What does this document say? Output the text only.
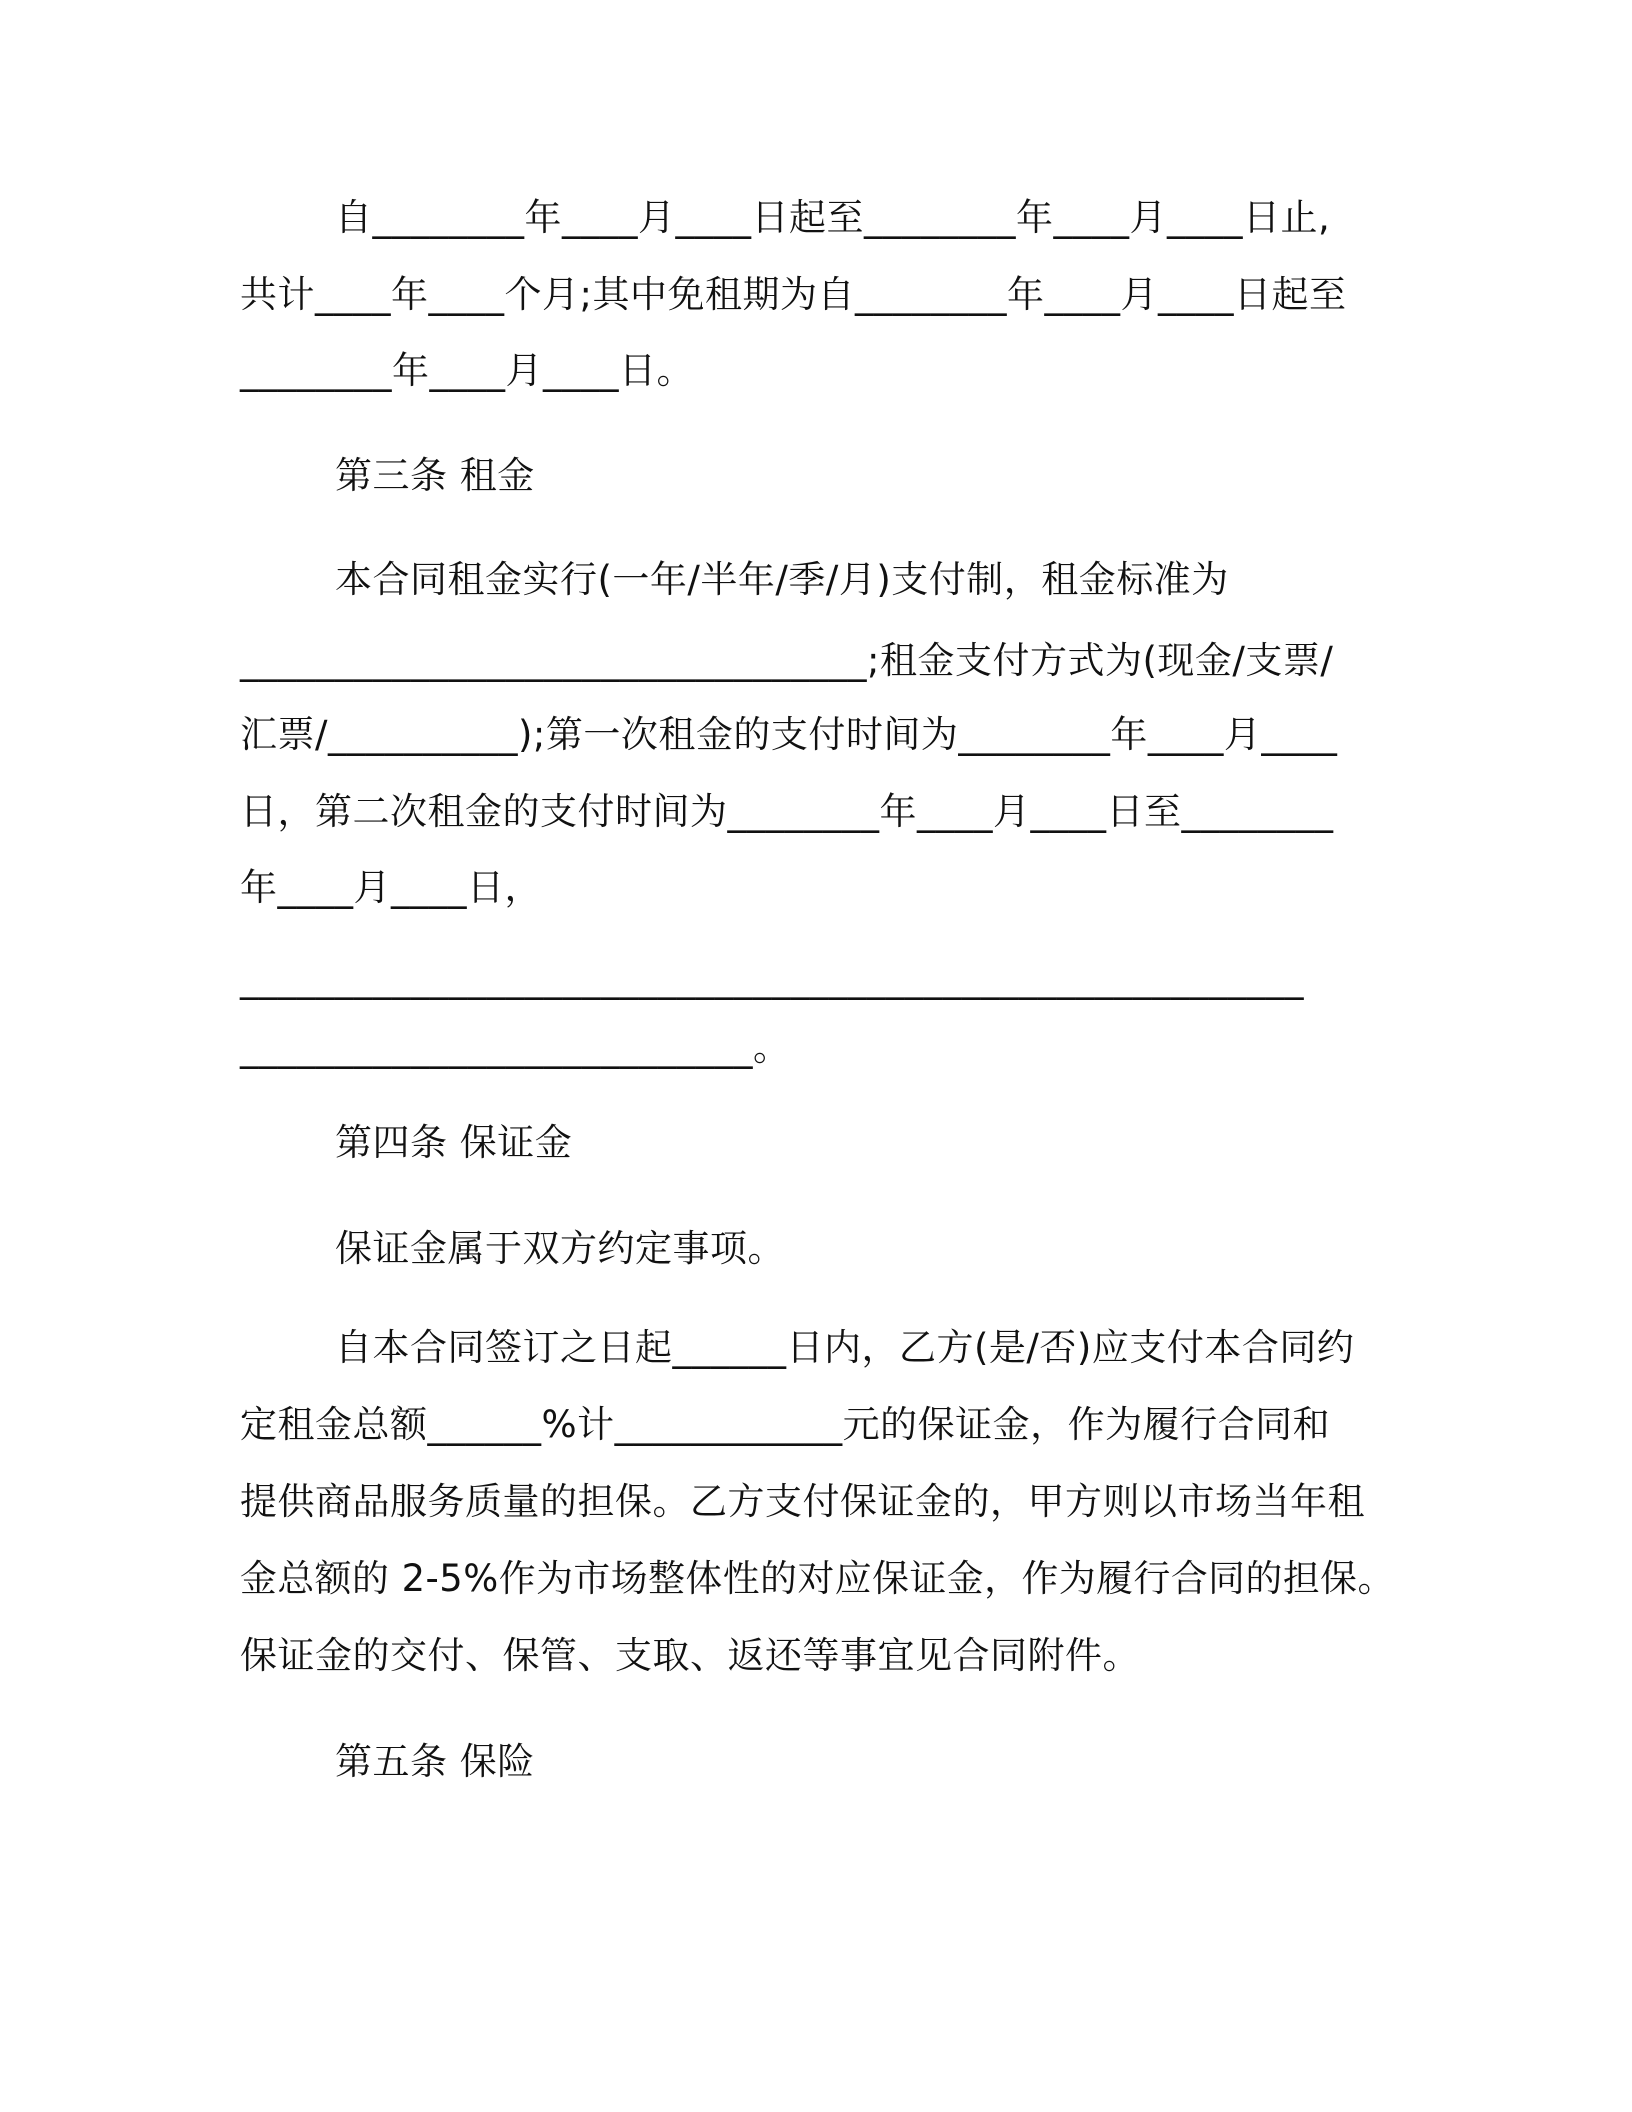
自________年____月____日起至________年____月____日止,

共计____年____个月;其中免租期为自________年____月____日起至

________年____月____日。

第三条 租金

本合同租金实行(一年/半年/季/月)支付制，租金标准为

_________________________________;租金支付方式为(现金/支票/

汇票/__________);第一次租金的支付时间为________年____月____

日，第二次租金的支付时间为________年____月____日至________

年____月____日，

________________________________________________________

___________________________。

第四条 保证金

保证金属于双方约定事项。

自本合同签订之日起______日内，乙方(是/否)应支付本合同约

定租金总额______%计____________元的保证金，作为履行合同和

提供商品服务质量的担保。乙方支付保证金的，甲方则以市场当年租

金总额的 2-5%作为市场整体性的对应保证金，作为履行合同的担保。

保证金的交付、保管、支取、返还等事宜见合同附件。

第五条 保险
